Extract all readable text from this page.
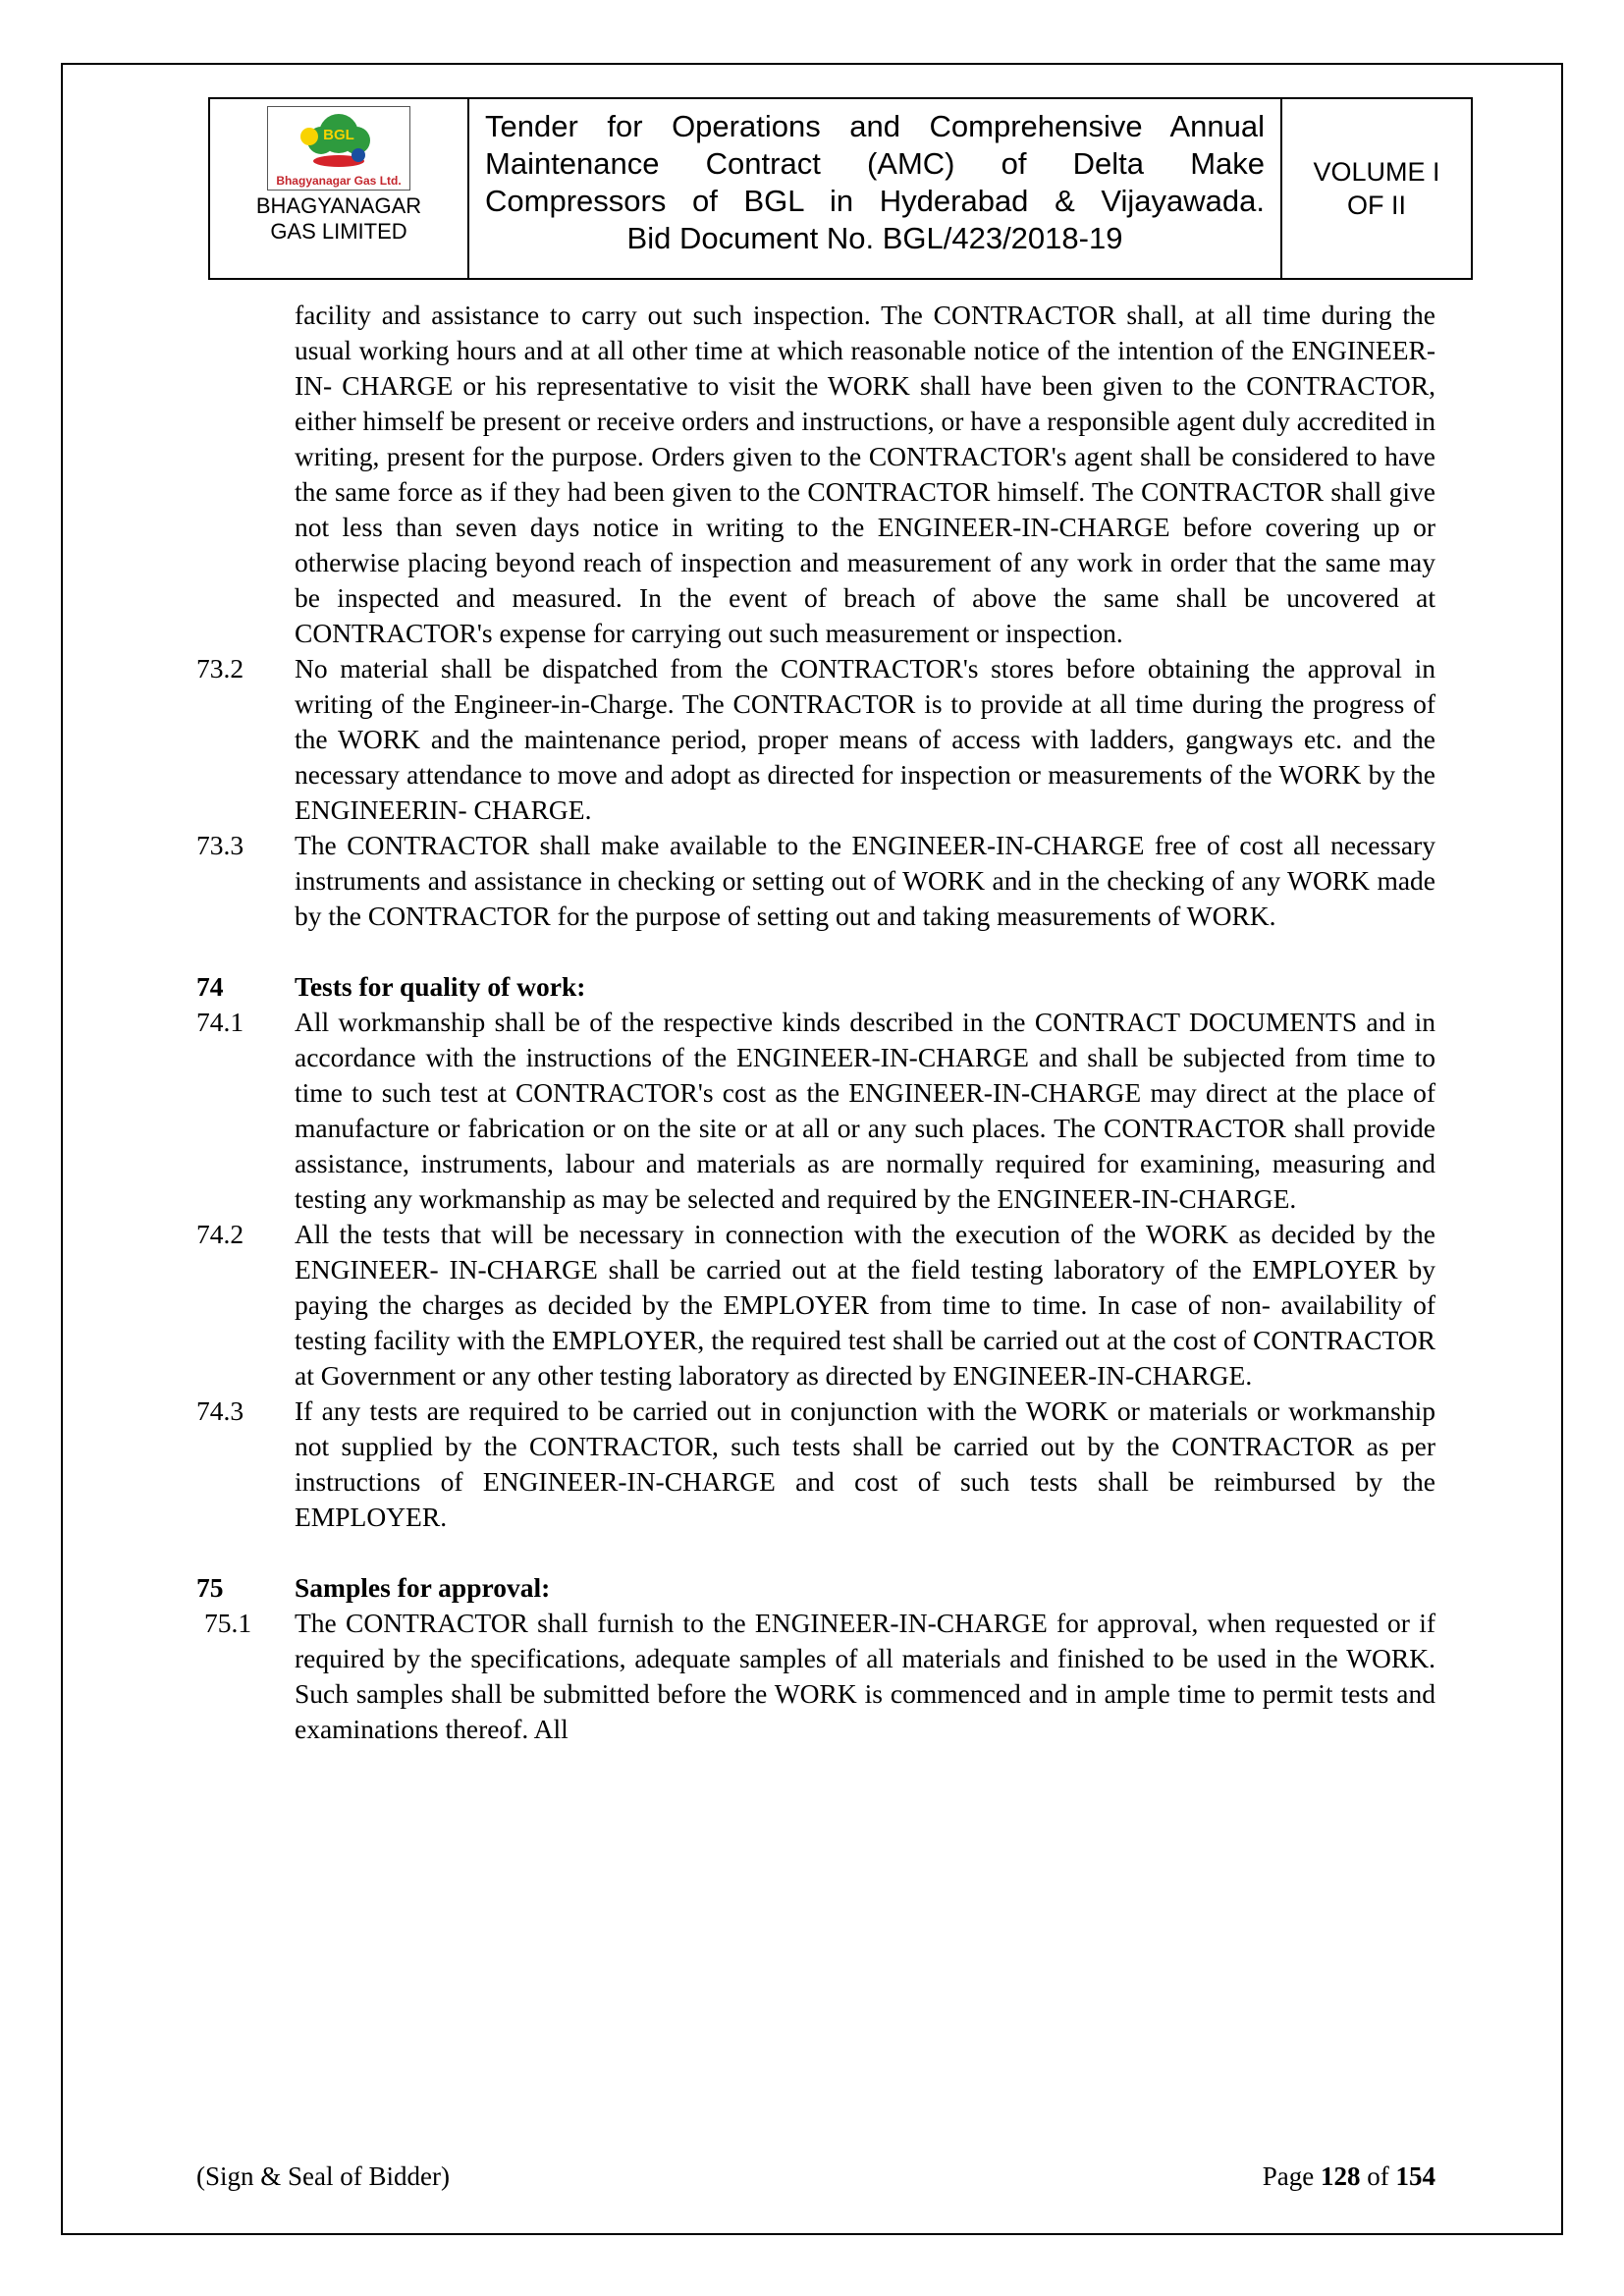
BGL
Bhagyanagar Gas Ltd.
BHAGYANAGAR GAS LIMITED
Tender for Operations and Comprehensive Annual
Maintenance Contract (AMC) of Delta Make
Compressors of BGL in Hyderabad & Vijayawada.
Bid Document No. BGL/423/2018-19
VOLUME I
OF II
facility and assistance to carry out such inspection. The CONTRACTOR shall, at all time during the usual working hours and at all other time at which reasonable notice of the intention of the ENGINEER-IN- CHARGE or his representative to visit the WORK shall have been given to the CONTRACTOR, either himself be present or receive orders and instructions, or have a responsible agent duly accredited in writing, present for the purpose. Orders given to the CONTRACTOR's agent shall be considered to have the same force as if they had been given to the CONTRACTOR himself. The CONTRACTOR shall give not less than seven days notice in writing to the ENGINEER-IN-CHARGE before covering up or otherwise placing beyond reach of inspection and measurement of any work in order that the same may be inspected and measured. In the event of breach of above the same shall be uncovered at CONTRACTOR's expense for carrying out such measurement or inspection.
73.2	No material shall be dispatched from the CONTRACTOR's stores before obtaining the approval in writing of the Engineer-in-Charge. The CONTRACTOR is to provide at all time during the progress of the WORK and the maintenance period, proper means of access with ladders, gangways etc. and the necessary attendance to move and adopt as directed for inspection or measurements of the WORK by the ENGINEERIN- CHARGE.
73.3	The CONTRACTOR shall make available to the ENGINEER-IN-CHARGE free of cost all necessary instruments and assistance in checking or setting out of WORK and in the checking of any WORK made by the CONTRACTOR for the purpose of setting out and taking measurements of WORK.
74	Tests for quality of work:
74.1	All workmanship shall be of the respective kinds described in the CONTRACT DOCUMENTS and in accordance with the instructions of the ENGINEER-IN-CHARGE and shall be subjected from time to time to such test at CONTRACTOR's cost as the ENGINEER-IN-CHARGE may direct at the place of manufacture or fabrication or on the site or at all or any such places. The CONTRACTOR shall provide assistance, instruments, labour and materials as are normally required for examining, measuring and testing any workmanship as may be selected and required by the ENGINEER-IN-CHARGE.
74.2	All the tests that will be necessary in connection with the execution of the WORK as decided by the ENGINEER- IN-CHARGE shall be carried out at the field testing laboratory of the EMPLOYER by paying the charges as decided by the EMPLOYER from time to time. In case of non- availability of testing facility with the EMPLOYER, the required test shall be carried out at the cost of CONTRACTOR at Government or any other testing laboratory as directed by ENGINEER-IN-CHARGE.
74.3	If any tests are required to be carried out in conjunction with the WORK or materials or workmanship not supplied by the CONTRACTOR, such tests shall be carried out by the CONTRACTOR as per instructions of ENGINEER-IN-CHARGE and cost of such tests shall be reimbursed by the EMPLOYER.
75	Samples for approval:
75.1	The CONTRACTOR shall furnish to the ENGINEER-IN-CHARGE for approval, when requested or if required by the specifications, adequate samples of all materials and finished to be used in the WORK. Such samples shall be submitted before the WORK is commenced and in ample time to permit tests and examinations thereof. All
(Sign & Seal of Bidder)	Page 128 of 154
